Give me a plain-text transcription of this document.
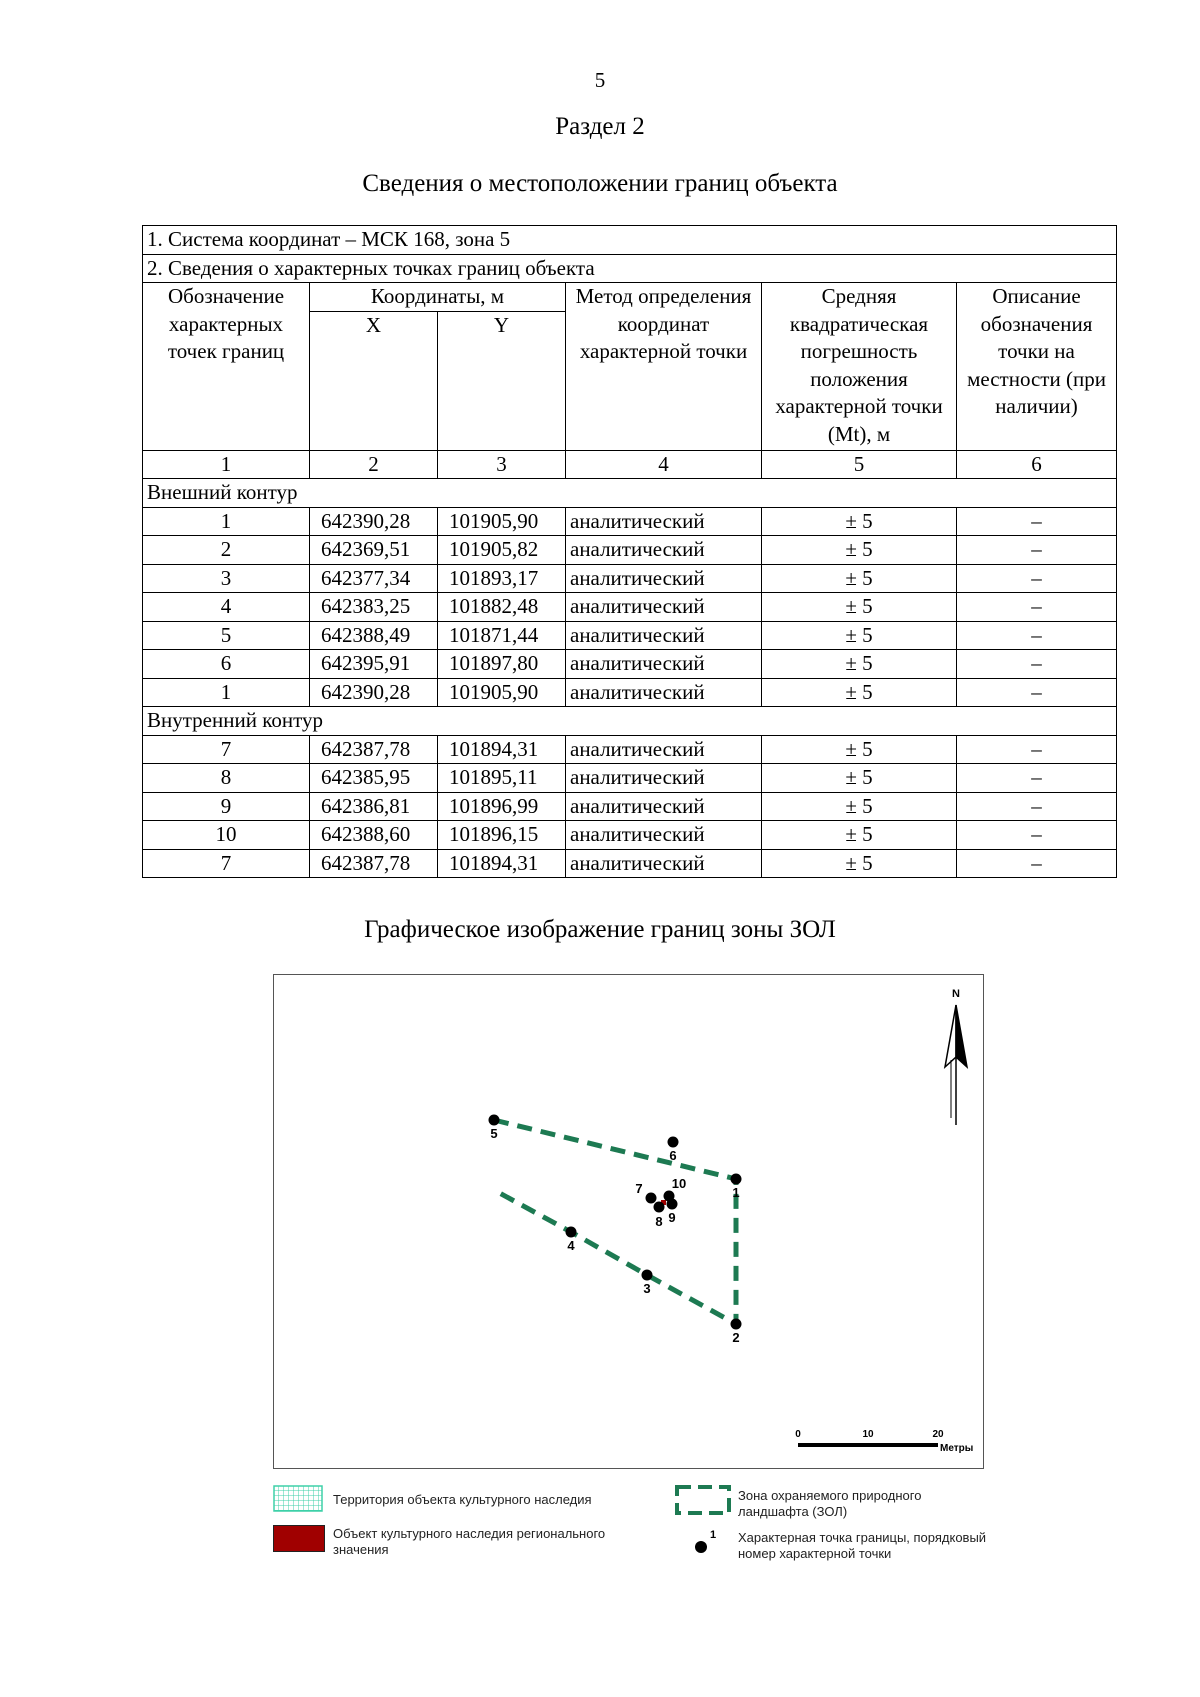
5
Раздел 2
Сведения о местоположении границ объекта
1. Система координат – МСК 168, зона 5					
2. Сведения о характерных точках границ объекта					
Обозначение характерных точек границ	Координаты, м		Метод определения координат характерной точки	Средняя квадратическая погрешность положения характерной точки (Mt), м	Описание обозначения точки на местности (при наличии)
	X	Y			
1	2	3	4	5	6
Внешний контур					
1	642390,28	101905,90	аналитический	± 5	–
2	642369,51	101905,82	аналитический	± 5	–
3	642377,34	101893,17	аналитический	± 5	–
4	642383,25	101882,48	аналитический	± 5	–
5	642388,49	101871,44	аналитический	± 5	–
6	642395,91	101897,80	аналитический	± 5	–
1	642390,28	101905,90	аналитический	± 5	–
Внутренний контур					
7	642387,78	101894,31	аналитический	± 5	–
8	642385,95	101895,11	аналитический	± 5	–
9	642386,81	101896,99	аналитический	± 5	–
10	642388,60	101896,15	аналитический	± 5	–
7	642387,78	101894,31	аналитический	± 5	–
Графическое изображение границ зоны ЗОЛ
1
2
3
4
5
6
7
8 9
10
N
0	10	20
Метры
Территория объекта культурного наследия
Объект культурного наследия регионального значения
Зона охраняемого природного ландшафта (ЗОЛ)
1 Характерная точка границы, порядковый номер характерной точки
